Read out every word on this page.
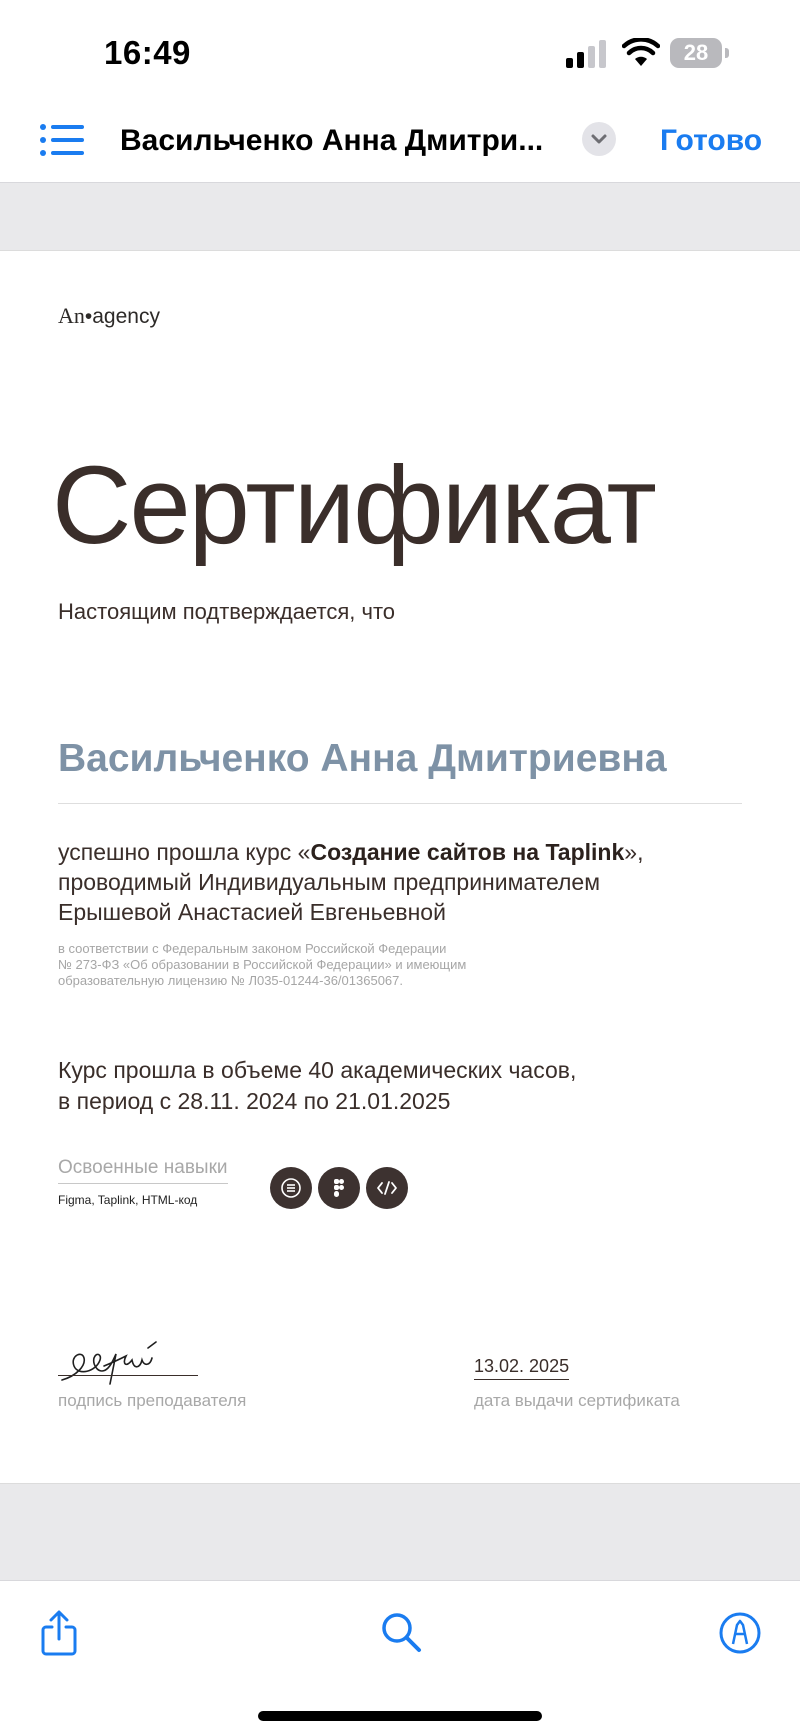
16:49	28
Васильченко Анна Дмитри...	Готово
An•agency
Сертификат
Настоящим подтверждается, что
Васильченко Анна Дмитриевна
успешно прошла курс «Создание сайтов на Taplink»,
проводимый Индивидуальным предпринимателем
Ерышевой Анастасией Евгеньевной
в соответствии с Федеральным законом Российской Федерации
№ 273-ФЗ «Об образовании в Российской Федерации» и имеющим
образовательную лицензию № Л035-01244-36/01365067.
Курс прошла в объеме 40 академических часов,
в период с 28.11. 2024 по 21.01.2025
Освоенные навыки
Figma, Taplink, HTML-код
подпись преподавателя
13.02. 2025
дата выдачи сертификата
